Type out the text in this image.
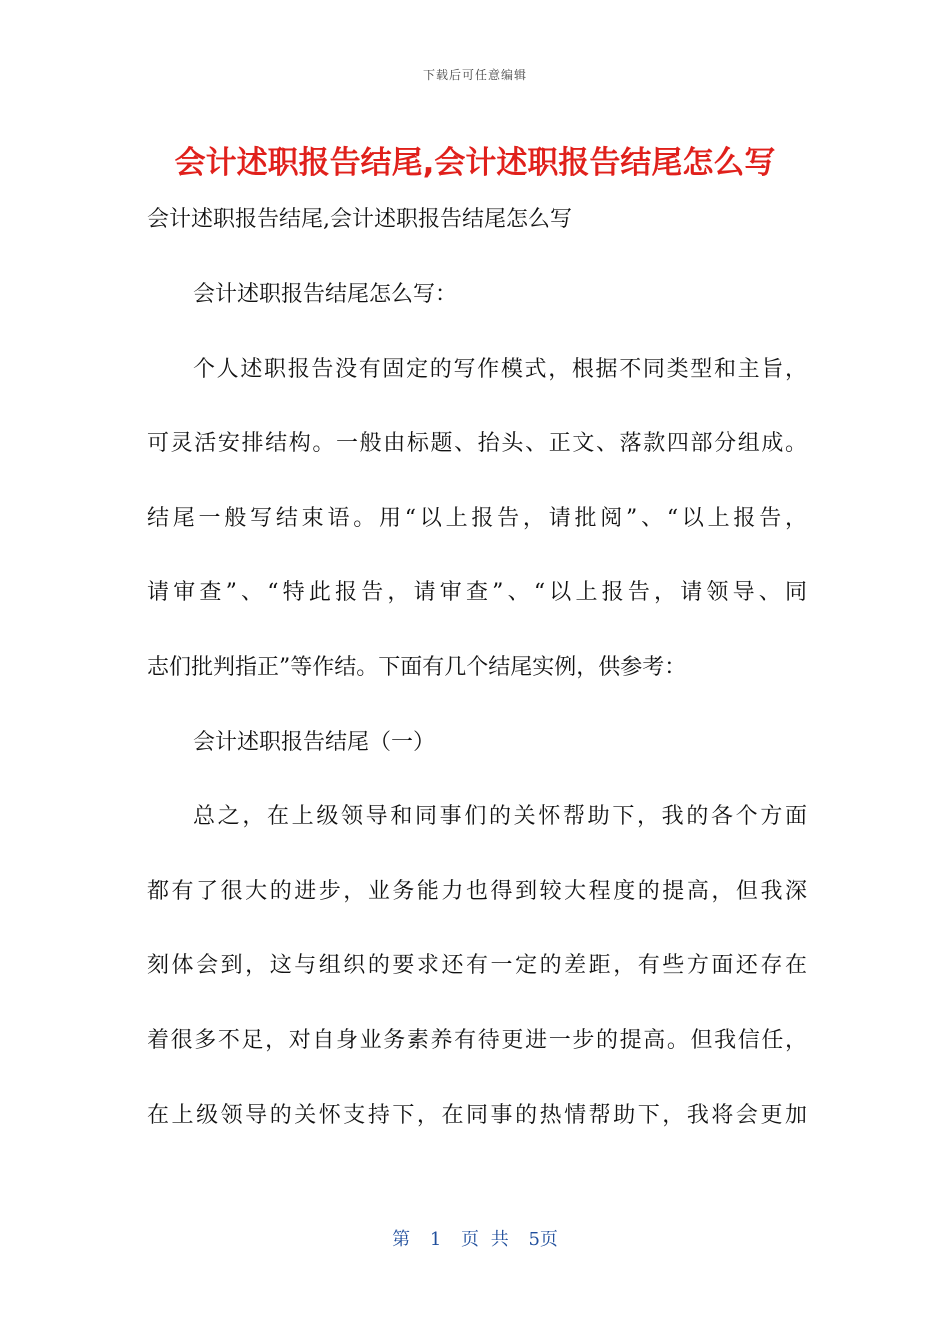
下载后可任意编辑
会计述职报告结尾,会计述职报告结尾怎么写
会计述职报告结尾,会计述职报告结尾怎么写
会计述职报告结尾怎么写：
个人述职报告没有固定的写作模式，根据不同类型和主旨，
可灵活安排结构。一般由标题、抬头、正文、落款四部分组成。
结尾一般写结束语。用“以上报告，请批阅”、“以上报告，
请审查”、“特此报告，请审查”、“以上报告，请领导、同
志们批判指正”等作结。下面有几个结尾实例，供参考：
会计述职报告结尾（一）
总之，在上级领导和同事们的关怀帮助下，我的各个方面
都有了很大的进步，业务能力也得到较大程度的提高，但我深
刻体会到，这与组织的要求还有一定的差距，有些方面还存在
着很多不足，对自身业务素养有待更进一步的提高。但我信任，
在上级领导的关怀支持下，在同事的热情帮助下，我将会更加
第 1 页 共 5页
